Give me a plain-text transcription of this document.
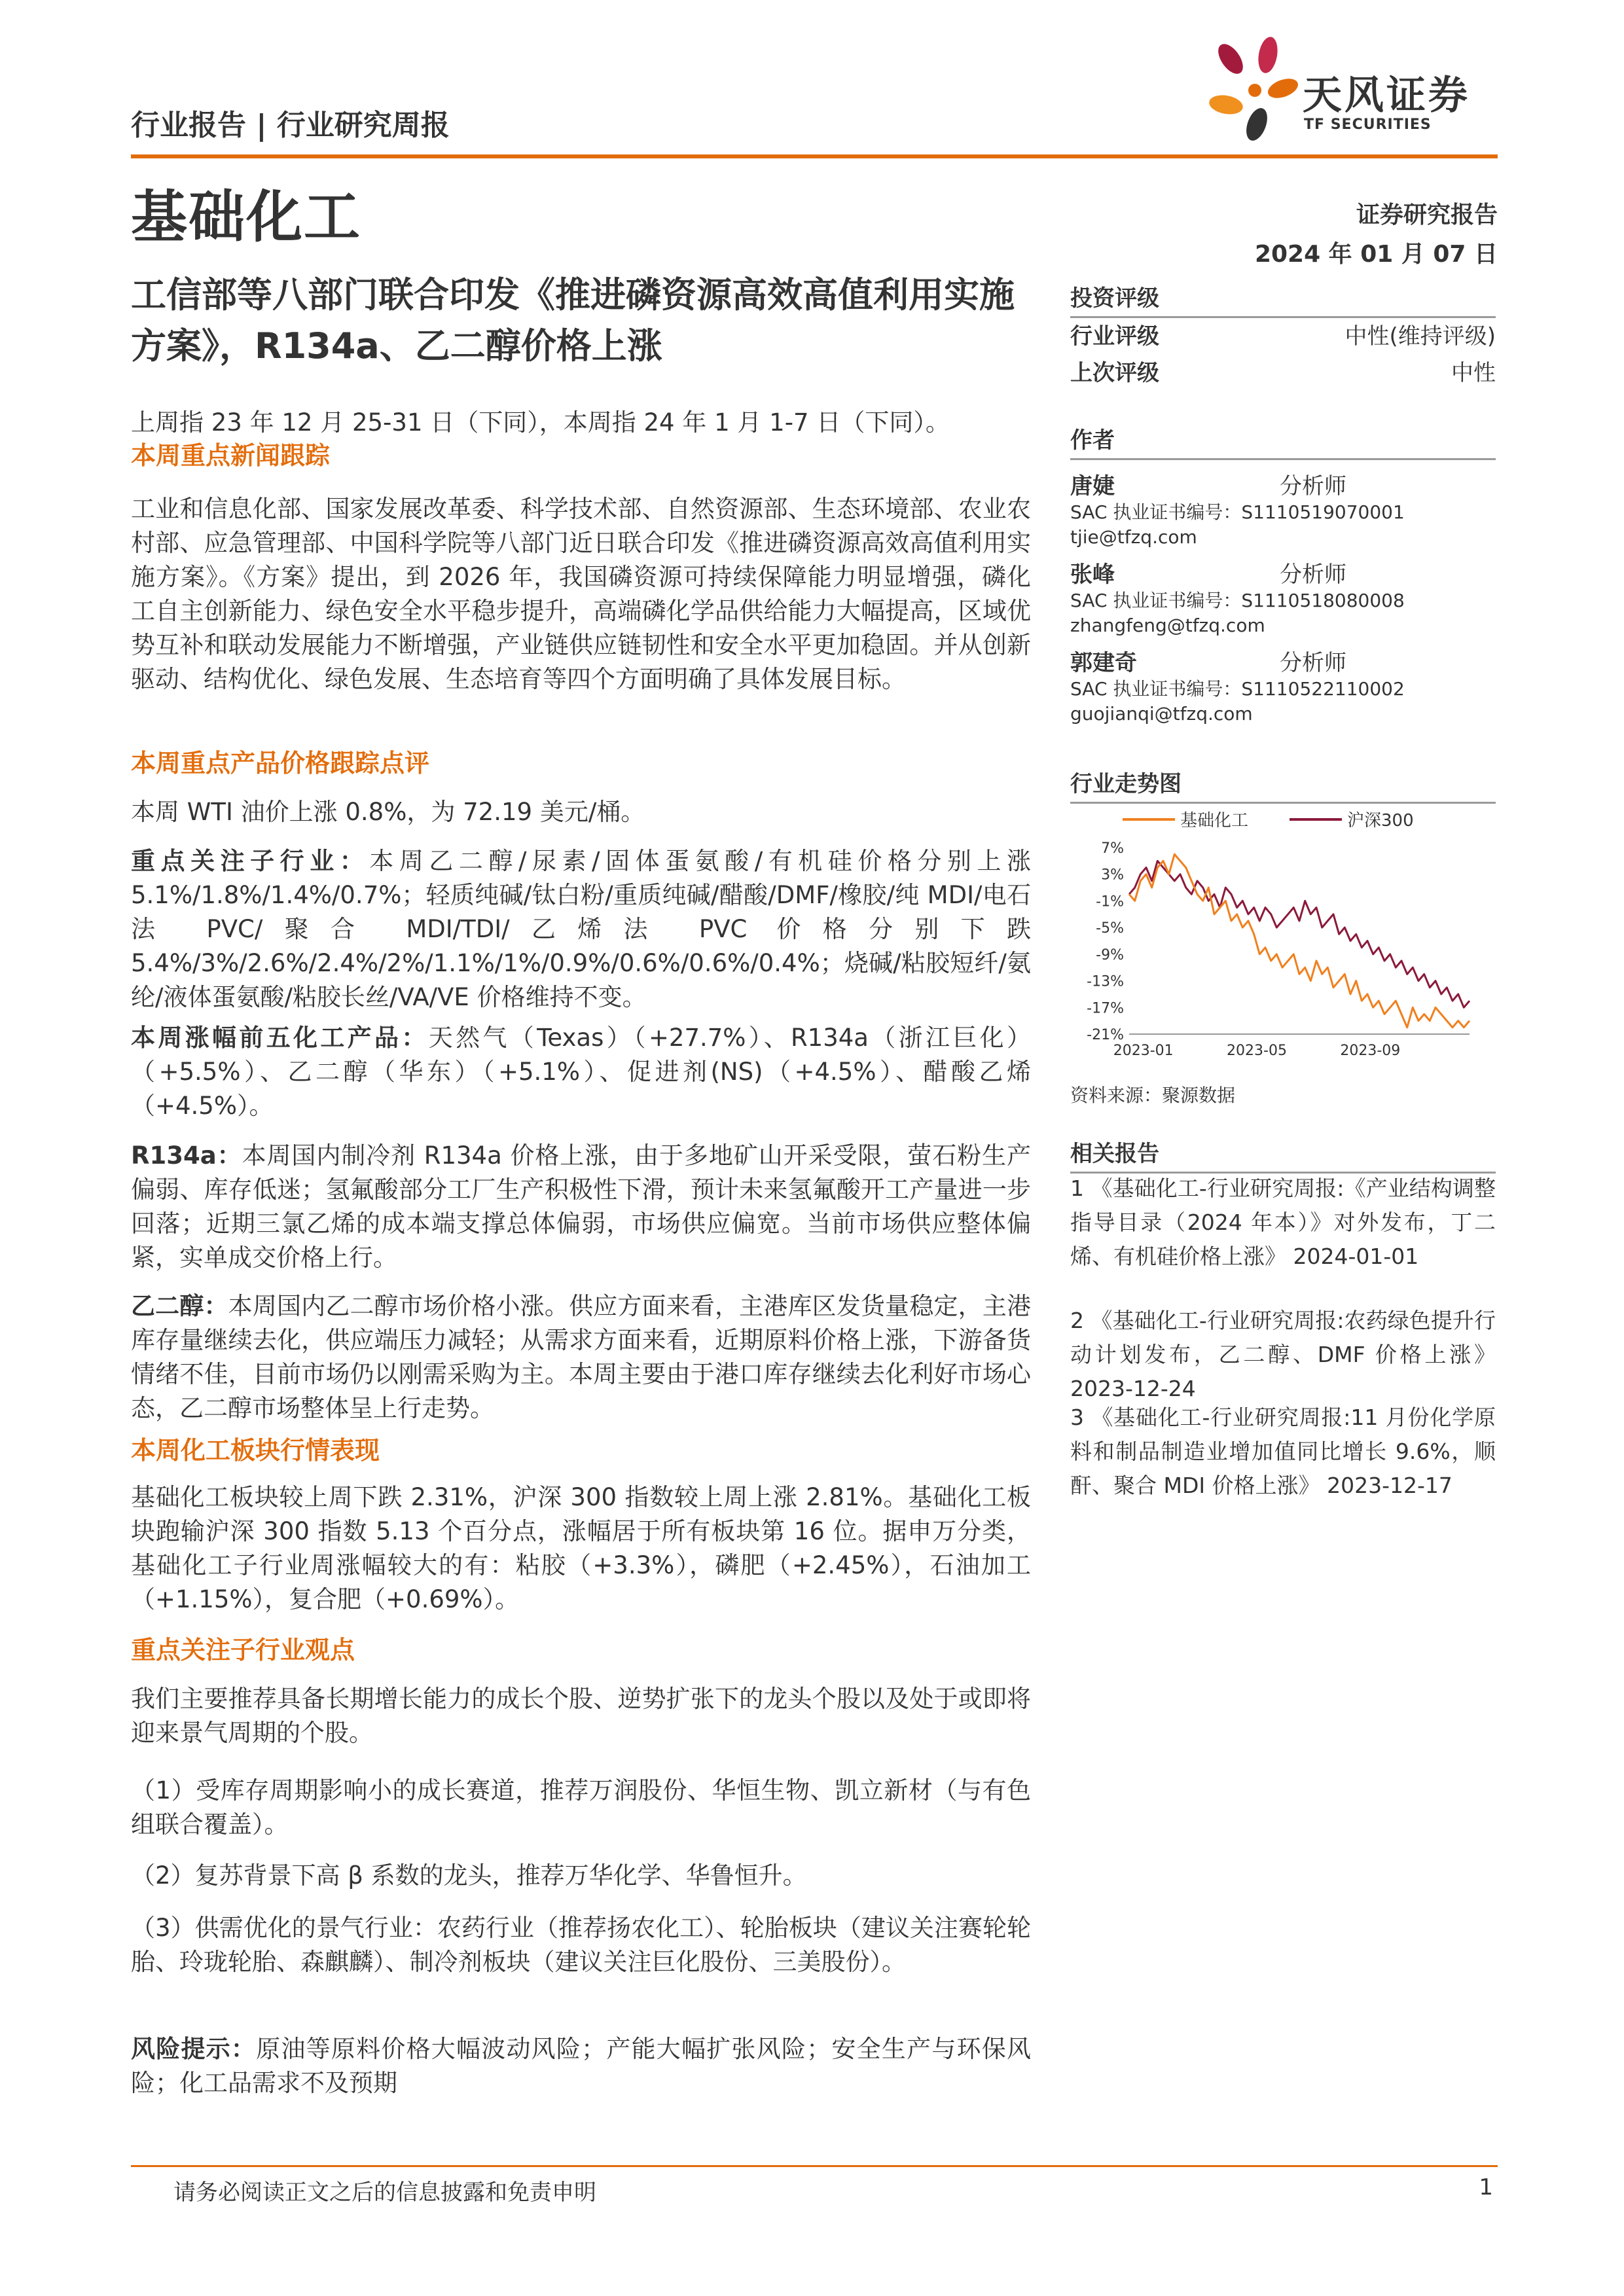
行业报告 | 行业研究周报
基础化工
天风证券
TF SECURITIES
证券研究报告
2024 年 01 月 07 日
工信部等八部门联合印发《推进磷资源高效高值利用实施方案》，R134a、乙二醇价格上涨
上周指 23 年 12 月 25-31 日（下同），本周指 24 年 1 月 1-7 日（下同）。
本周重点新闻跟踪
工业和信息化部、国家发展改革委、科学技术部、自然资源部、生态环境部、农业农村部、应急管理部、中国科学院等八部门近日联合印发《推进磷资源高效高值利用实施方案》。《方案》提出，到 2026 年，我国磷资源可持续保障能力明显增强，磷化工自主创新能力、绿色安全水平稳步提升，高端磷化学品供给能力大幅提高，区域优势互补和联动发展能力不断增强，产业链供应链韧性和安全水平更加稳固。并从创新驱动、结构优化、绿色发展、生态培育等四个方面明确了具体发展目标。
本周重点产品价格跟踪点评
本周 WTI 油价上涨 0.8%，为 72.19 美元/桶。
重点关注子行业：本周乙二醇/尿素/固体蛋氨酸/有机硅价格分别上涨 5.1%/1.8%/1.4%/0.7%；轻质纯碱/钛白粉/重质纯碱/醋酸/DMF/橡胶/纯 MDI/电石法 PVC/聚合 MDI/TDI/乙烯法 PVC 价格分别下跌 5.4%/3%/2.6%/2.4%/2%/1.1%/1%/0.9%/0.6%/0.6%/0.4%；烧碱/粘胶短纤/氨纶/液体蛋氨酸/粘胶长丝/VA/VE 价格维持不变。
本周涨幅前五化工产品：天然气（Texas）（+27.7%）、R134a（浙江巨化）（+5.5%）、乙二醇（华东）（+5.1%）、促进剂(NS)（+4.5%）、醋酸乙烯（+4.5%）。
R134a：本周国内制冷剂 R134a 价格上涨，由于多地矿山开采受限，萤石粉生产偏弱、库存低迷；氢氟酸部分工厂生产积极性下滑，预计未来氢氟酸开工产量进一步回落；近期三氯乙烯的成本端支撑总体偏弱，市场供应偏宽。当前市场供应整体偏紧，实单成交价格上行。
乙二醇：本周国内乙二醇市场价格小涨。供应方面来看，主港库区发货量稳定，主港库存量继续去化，供应端压力减轻；从需求方面来看，近期原料价格上涨，下游备货情绪不佳，目前市场仍以刚需采购为主。本周主要由于港口库存继续去化利好市场心态，乙二醇市场整体呈上行走势。
本周化工板块行情表现
基础化工板块较上周下跌 2.31%，沪深 300 指数较上周上涨 2.81%。基础化工板块跑输沪深 300 指数 5.13 个百分点，涨幅居于所有板块第 16 位。据申万分类，基础化工子行业周涨幅较大的有：粘胶（+3.3%），磷肥（+2.45%），石油加工（+1.15%），复合肥（+0.69%）。
重点关注子行业观点
我们主要推荐具备长期增长能力的成长个股、逆势扩张下的龙头个股以及处于或即将迎来景气周期的个股。
（1）受库存周期影响小的成长赛道，推荐万润股份、华恒生物、凯立新材（与有色组联合覆盖）。
（2）复苏背景下高 β 系数的龙头，推荐万华化学、华鲁恒升。
（3）供需优化的景气行业：农药行业（推荐扬农化工）、轮胎板块（建议关注赛轮轮胎、玲珑轮胎、森麒麟）、制冷剂板块（建议关注巨化股份、三美股份）。
风险提示：原油等原料价格大幅波动风险；产能大幅扩张风险；安全生产与环保风险；化工品需求不及预期
投资评级
行业评级	中性(维持评级)
上次评级	中性
作者
唐婕	分析师
SAC 执业证书编号：S1110519070001
tjie@tfzq.com
张峰	分析师
SAC 执业证书编号：S1110518080008
zhangfeng@tfzq.com
郭建奇	分析师
SAC 执业证书编号：S1110522110002
guojianqi@tfzq.com
行业走势图
基础化工	沪深300
7%
3%
-1%
-5%
-9%
-13%
-17%
-21%
2023-01	2023-05	2023-09
资料来源：聚源数据
相关报告
1 《基础化工-行业研究周报:《产业结构调整指导目录（2024 年本）》对外发布，丁二烯、有机硅价格上涨》 2024-01-01
2 《基础化工-行业研究周报:农药绿色提升行动计划发布，乙二醇、DMF 价格上涨》 2023-12-24
3 《基础化工-行业研究周报:11 月份化学原料和制品制造业增加值同比增长 9.6%，顺酐、聚合 MDI 价格上涨》 2023-12-17
请务必阅读正文之后的信息披露和免责申明	1
